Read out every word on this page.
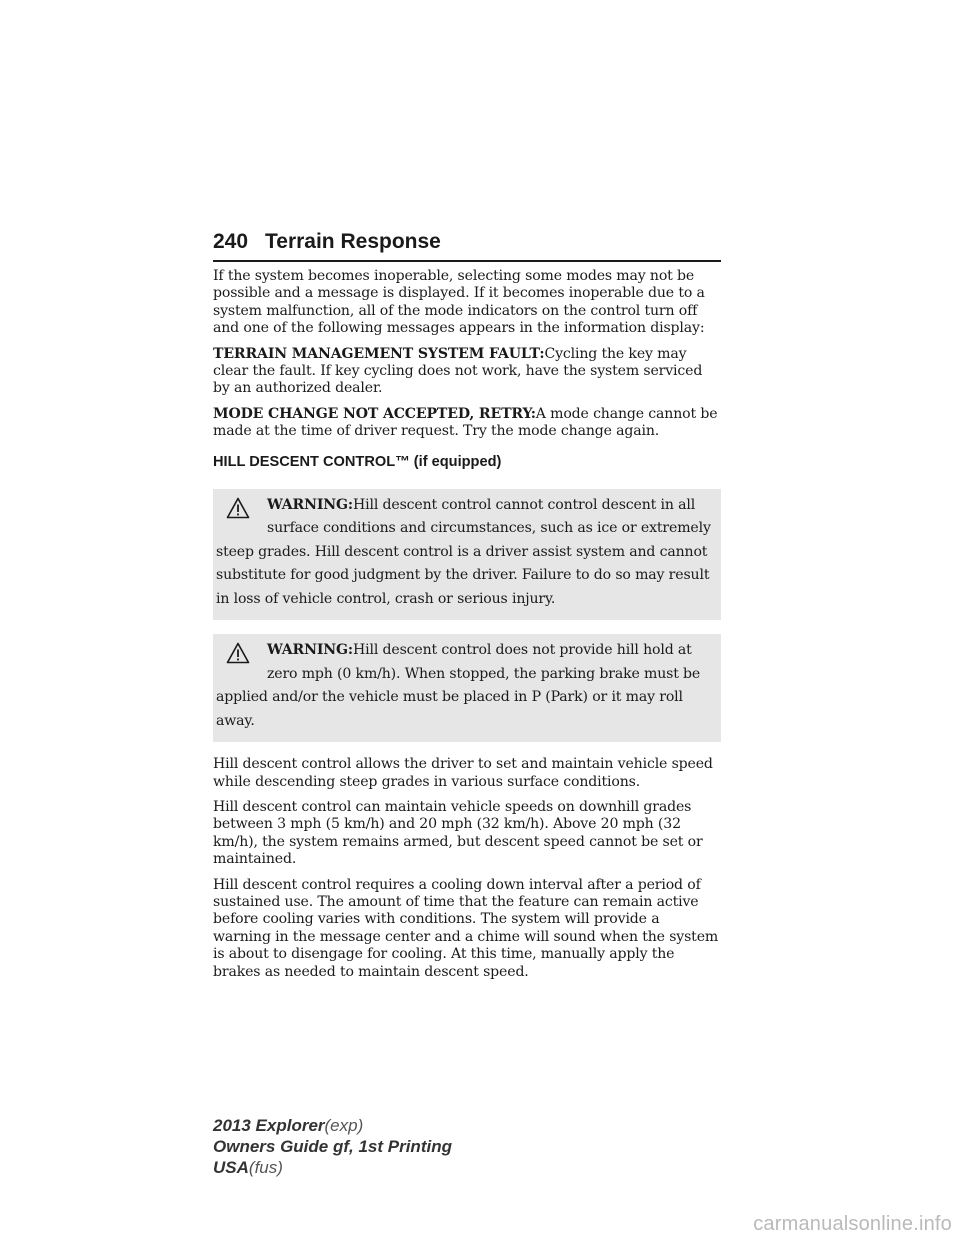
240 Terrain Response

If the system becomes inoperable, selecting some modes may not be possible and a message is displayed. If it becomes inoperable due to a system malfunction, all of the mode indicators on the control turn off and one of the following messages appears in the information display:

TERRAIN MANAGEMENT SYSTEM FAULT:Cycling the key may clear the fault. If key cycling does not work, have the system serviced by an authorized dealer.

MODE CHANGE NOT ACCEPTED, RETRY:A mode change cannot be made at the time of driver request. Try the mode change again.

HILL DESCENT CONTROL™ (if equipped)
WARNING:Hill descent control cannot control descent in all surface conditions and circumstances, such as ice or extremely steep grades. Hill descent control is a driver assist system and cannot substitute for good judgment by the driver. Failure to do so may result in loss of vehicle control, crash or serious injury.
WARNING:Hill descent control does not provide hill hold at zero mph (0 km/h). When stopped, the parking brake must be applied and/or the vehicle must be placed in P (Park) or it may roll away.

Hill descent control allows the driver to set and maintain vehicle speed while descending steep grades in various surface conditions.

Hill descent control can maintain vehicle speeds on downhill grades between 3 mph (5 km/h) and 20 mph (32 km/h). Above 20 mph (32 km/h), the system remains armed, but descent speed cannot be set or maintained.

Hill descent control requires a cooling down interval after a period of sustained use. The amount of time that the feature can remain active before cooling varies with conditions. The system will provide a warning in the message center and a chime will sound when the system is about to disengage for cooling. At this time, manually apply the brakes as needed to maintain descent speed.

2013 Explorer(exp)
Owners Guide gf, 1st Printing
USA(fus)
carmanualsonline.info
